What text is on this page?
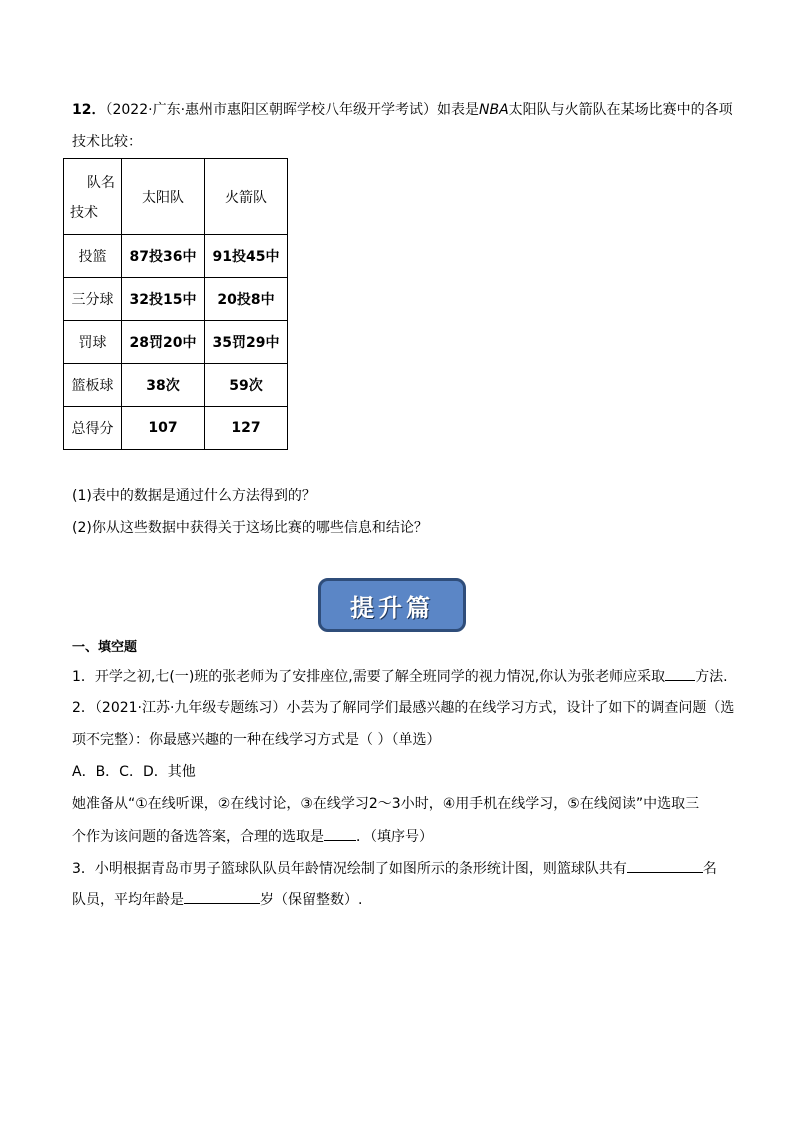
12．（2022·广东·惠州市惠阳区朝晖学校八年级开学考试）如表是NBA太阳队与火箭队在某场比赛中的各项
技术比较：
队名
技术	太阳队	火箭队
投篮	87投36中	91投45中
三分球	32投15中	20投8中
罚球	28罚20中	35罚29中
篮板球	38次	59次
总得分	107	127
(1)表中的数据是通过什么方法得到的？
(2)你从这些数据中获得关于这场比赛的哪些信息和结论？
提升篇
一、填空题
1．开学之初,七(一)班的张老师为了安排座位,需要了解全班同学的视力情况,你认为张老师应采取 方法.
2．（2021·江苏·九年级专题练习）小芸为了解同学们最感兴趣的在线学习方式，设计了如下的调查问题（选
项不完整）：你最感兴趣的一种在线学习方式是（ ）（单选）
A．B．C．D．其他
她准备从“①在线听课，②在线讨论，③在线学习2～3小时，④用手机在线学习，⑤在线阅读”中选取三
个作为该问题的备选答案，合理的选取是 ．（填序号）
3．小明根据青岛市男子篮球队队员年龄情况绘制了如图所示的条形统计图，则篮球队共有	名
队员，平均年龄是	岁（保留整数）.
